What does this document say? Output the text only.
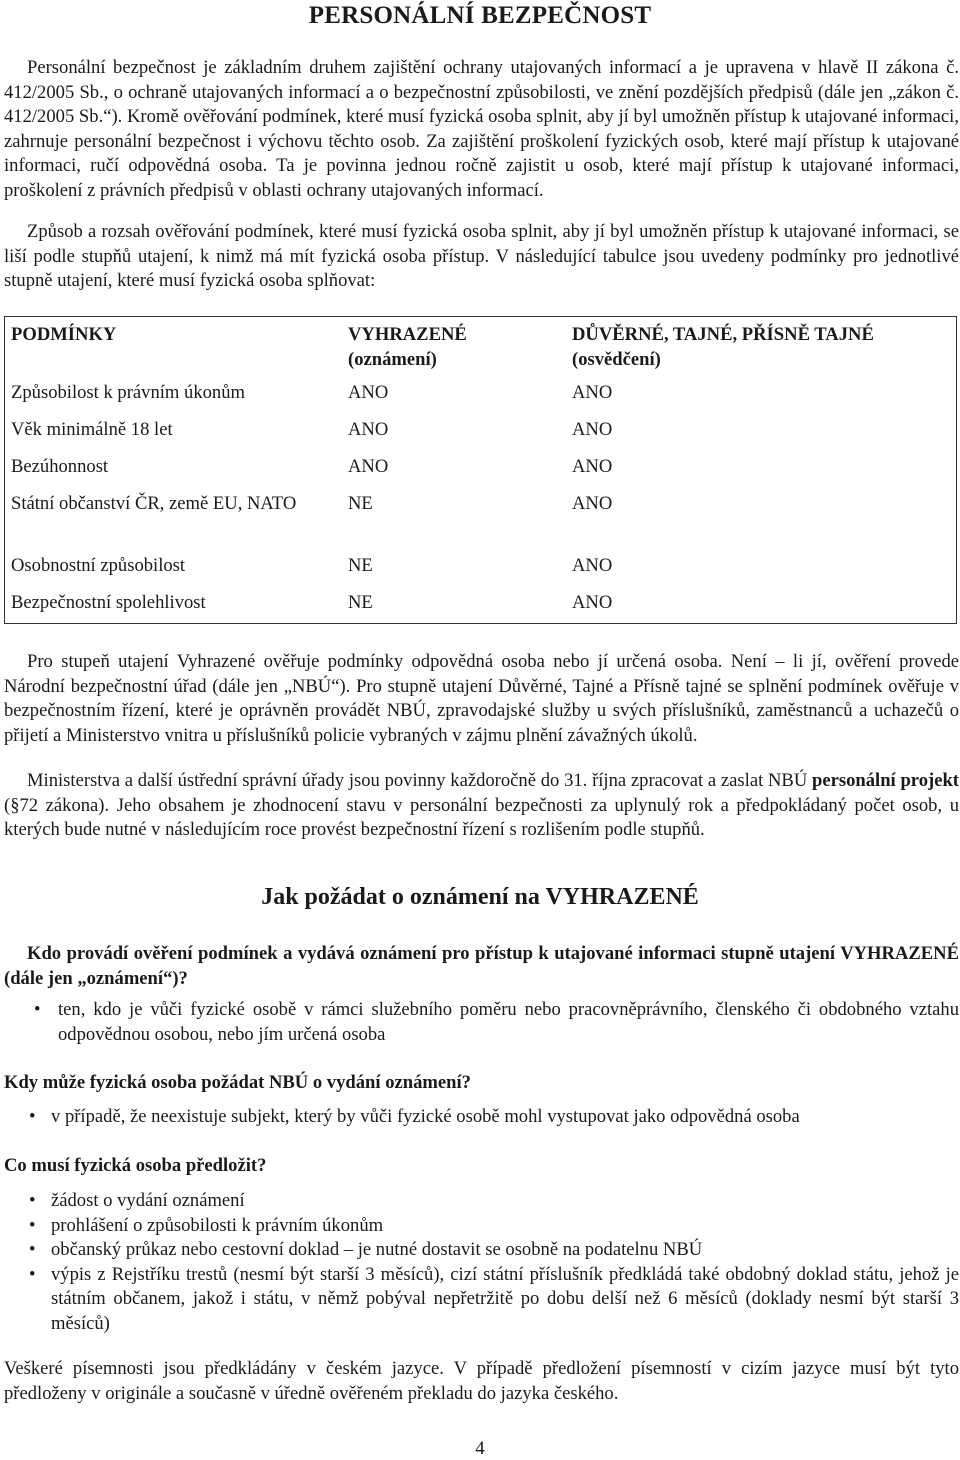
PERSONÁLNÍ BEZPEČNOST

Personální bezpečnost je základním druhem zajištění ochrany utajovaných informací a je upravena v hlavě II zákona č. 412/2005 Sb., o ochraně utajovaných informací a o bezpečnostní způsobilosti, ve znění pozdějších předpisů (dále jen „zákon č. 412/2005 Sb.“). Kromě ověřování podmínek, které musí fyzická osoba splnit, aby jí byl umožněn přístup k utajované informaci, zahrnuje personální bezpečnost i výchovu těchto osob. Za zajištění proškolení fyzických osob, které mají přístup k utajované informaci, ručí odpovědná osoba. Ta je povinna jednou ročně zajistit u osob, které mají přístup k utajované informaci, proškolení z právních předpisů v oblasti ochrany utajovaných informací.

Způsob a rozsah ověřování podmínek, které musí fyzická osoba splnit, aby jí byl umožněn přístup k utajované informaci, se liší podle stupňů utajení, k nimž má mít fyzická osoba přístup. V následující tabulce jsou uvedeny podmínky pro jednotlivé stupně utajení, které musí fyzická osoba splňovat:

PODMÍNKY	VYHRAZENÉ (oznámení)	DŮVĚRNÉ, TAJNÉ, PŘÍSNĚ TAJNÉ (osvědčení)
Způsobilost k právním úkonům	ANO	ANO
Věk minimálně 18 let	ANO	ANO
Bezúhonnost	ANO	ANO
Státní občanství ČR, země EU, NATO	NE	ANO
Osobnostní způsobilost	NE	ANO
Bezpečnostní spolehlivost	NE	ANO

Pro stupeň utajení Vyhrazené ověřuje podmínky odpovědná osoba nebo jí určená osoba. Není – li jí, ověření provede Národní bezpečnostní úřad (dále jen „NBÚ“). Pro stupně utajení Důvěrné, Tajné a Přísně tajné se splnění podmínek ověřuje v bezpečnostním řízení, které je oprávněn provádět NBÚ, zpravodajské služby u svých příslušníků, zaměstnanců a uchazečů o přijetí a Ministerstvo vnitra u příslušníků policie vybraných v zájmu plnění závažných úkolů.

Ministerstva a další ústřední správní úřady jsou povinny každoročně do 31. října zpracovat a zaslat NBÚ personální projekt (§72 zákona). Jeho obsahem je zhodnocení stavu v personální bezpečnosti za uplynulý rok a předpokládaný počet osob, u kterých bude nutné v následujícím roce provést bezpečnostní řízení s rozlišením podle stupňů.

Jak požádat o oznámení na VYHRAZENÉ

Kdo provádí ověření podmínek a vydává oznámení pro přístup k utajované informaci stupně utajení VYHRAZENÉ (dále jen „oznámení“)?

• ten, kdo je vůči fyzické osobě v rámci služebního poměru nebo pracovněprávního, členského či obdobného vztahu odpovědnou osobou, nebo jím určená osoba

Kdy může fyzická osoba požádat NBÚ o vydání oznámení?

• v případě, že neexistuje subjekt, který by vůči fyzické osobě mohl vystupovat jako odpovědná osoba

Co musí fyzická osoba předložit?

• žádost o vydání oznámení
• prohlášení o způsobilosti k právním úkonům
• občanský průkaz nebo cestovní doklad – je nutné dostavit se osobně na podatelnu NBÚ
• výpis z Rejstříku trestů (nesmí být starší 3 měsíců), cizí státní příslušník předkládá také obdobný doklad státu, jehož je státním občanem, jakož i státu, v němž pobýval nepřetržitě po dobu delší než 6 měsíců (doklady nesmí být starší 3 měsíců)

Veškeré písemnosti jsou předkládány v českém jazyce. V případě předložení písemností v cizím jazyce musí být tyto předloženy v originále a současně v úředně ověřeném překladu do jazyka českého.

4
